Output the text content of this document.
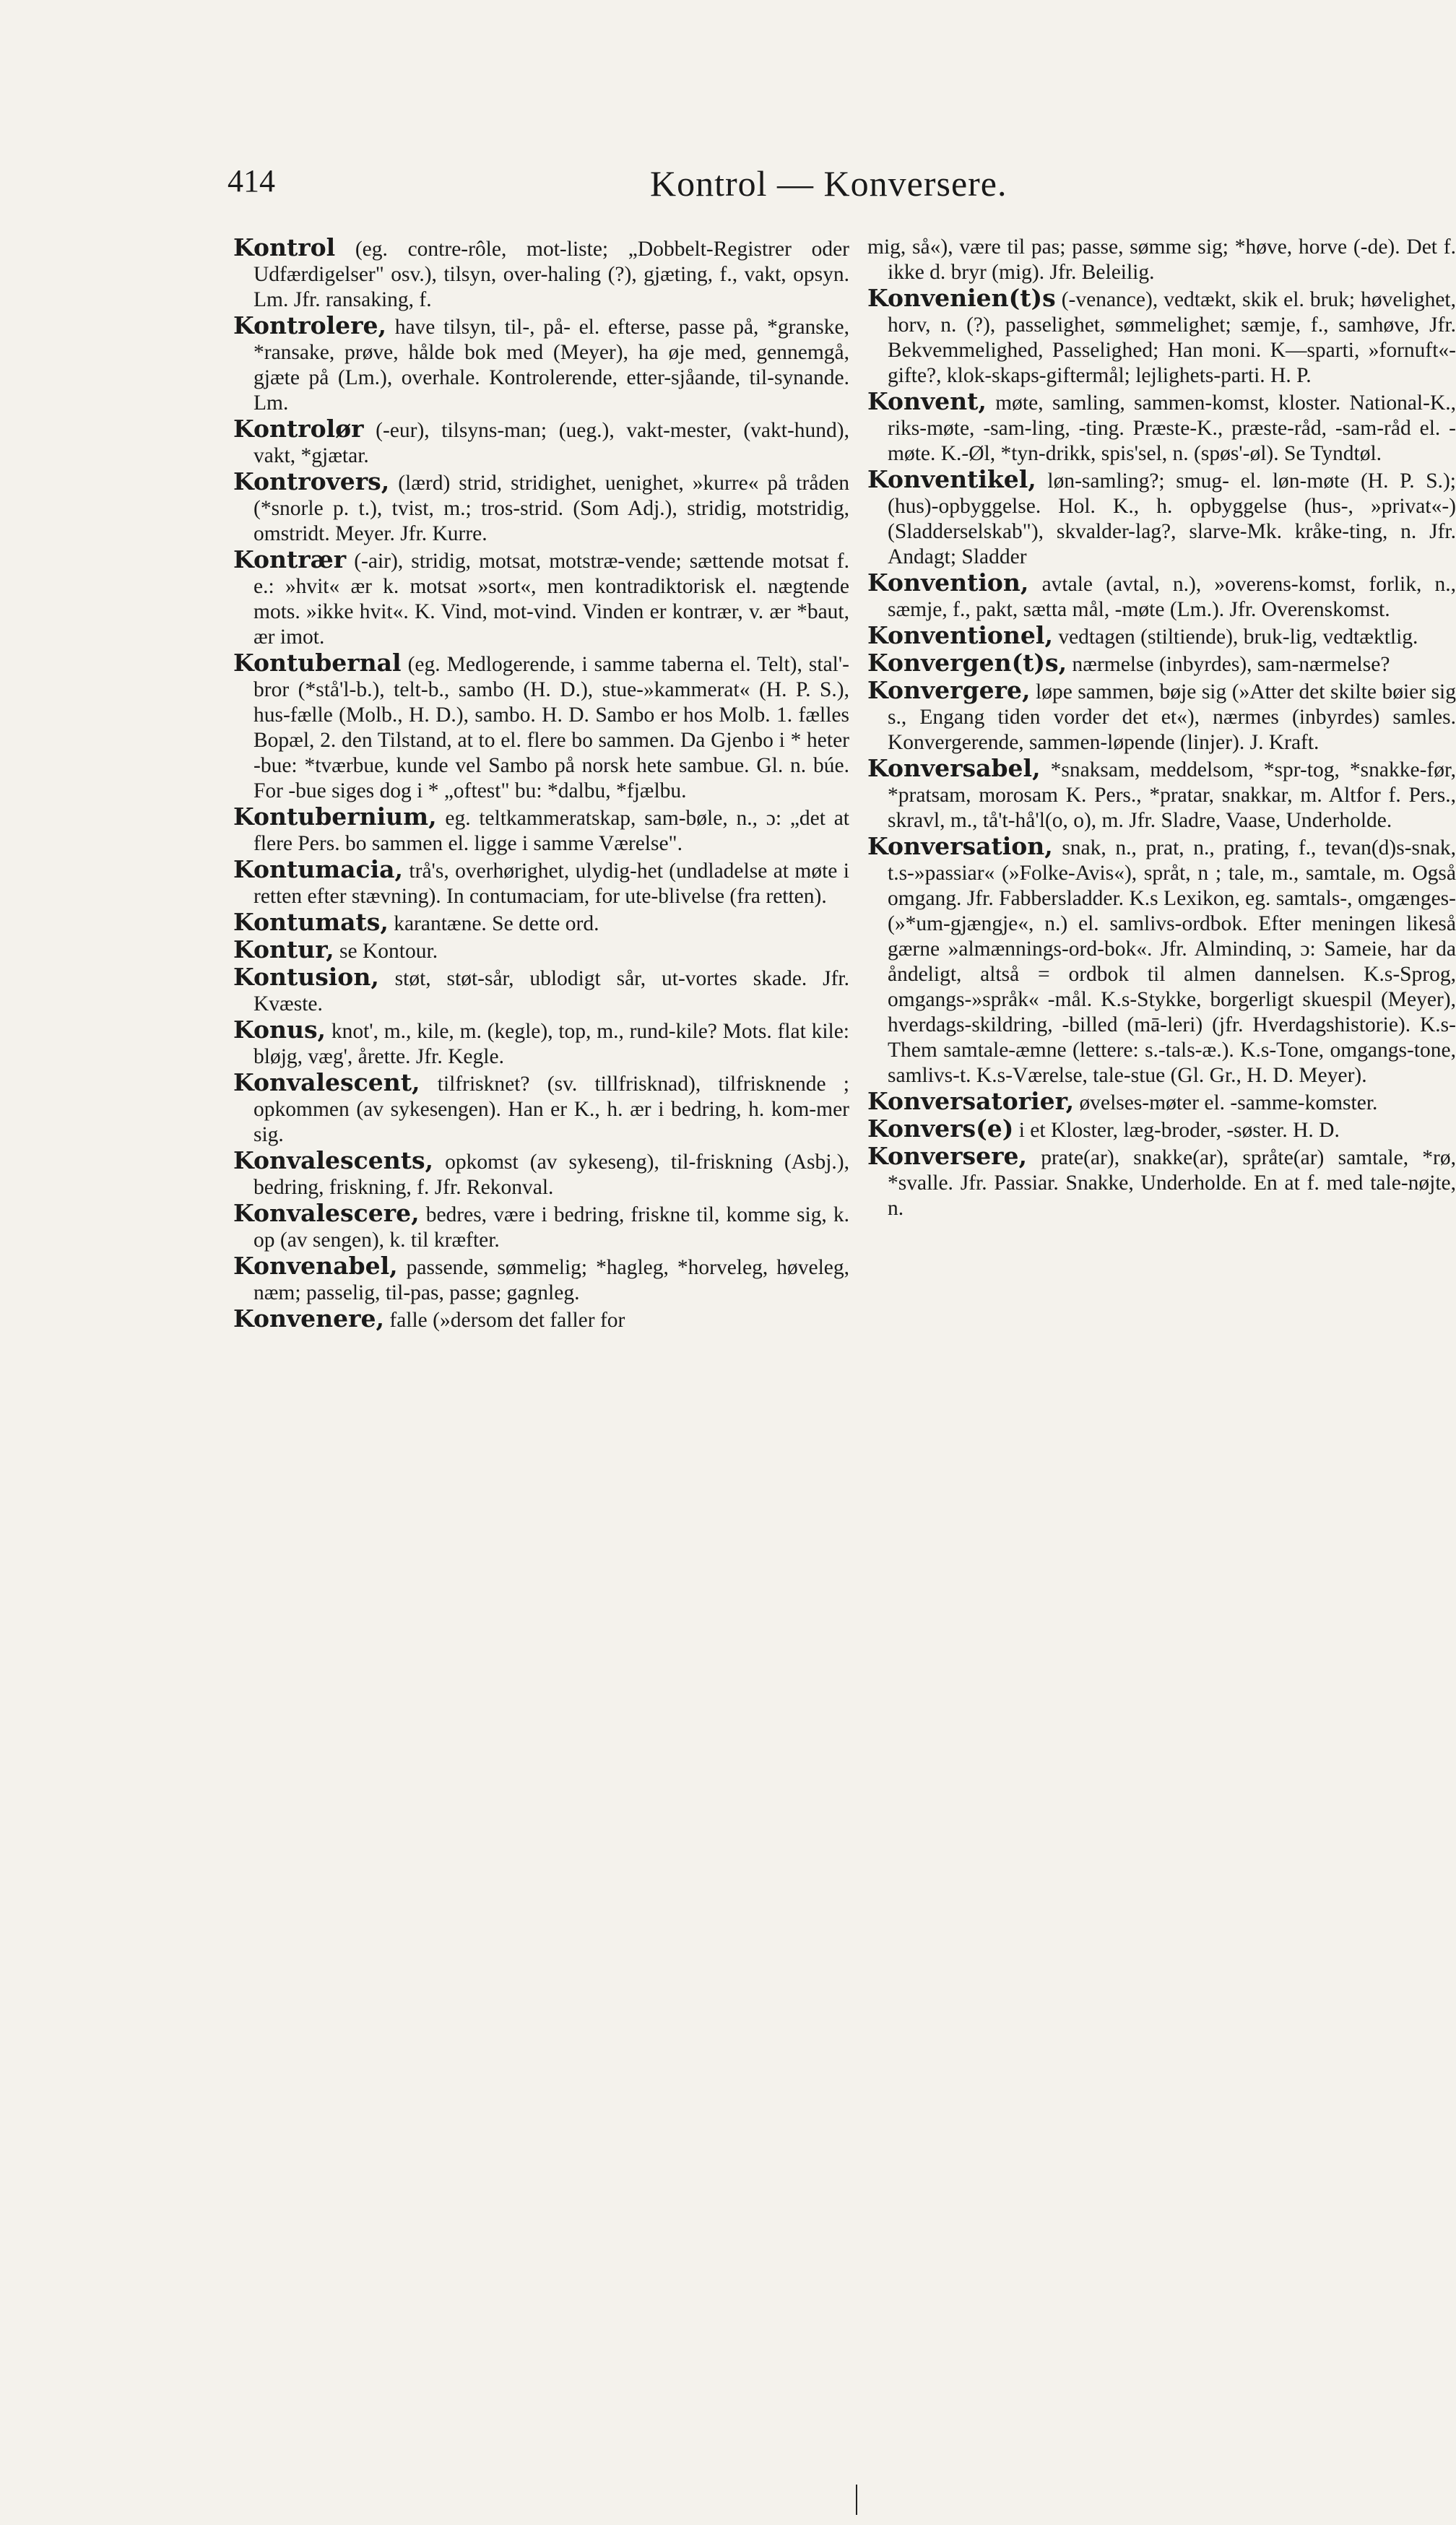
414	Kontrol — Konversere.
Kontrol (eg. contre-rôle, mot-liste; „Dobbelt-Registrer oder Udfærdigelser" osv.), tilsyn, over-haling (?), gjæting, f., vakt, opsyn. Lm. Jfr. ransaking, f.
Kontrolere, have tilsyn, til-, på- el. efterse, passe på, *granske, *ransake, prøve, hålde bok med (Meyer), ha øje med, gennemgå, gjæte på (Lm.), overhale. Kontrolerende, etter-sjåande, til-synande. Lm.
Kontrolør (-eur), tilsyns-man; (ueg.), vakt-mester, (vakt-hund), vakt, *gjætar.
Kontrovers, (lærd) strid, stridighet, uenighet, »kurre« på tråden (*snorle p. t.), tvist, m.; tros-strid. (Som Adj.), stridig, motstridig, omstridt. Meyer. Jfr. Kurre.
Kontrær (-air), stridig, motsat, motstræ-vende; sættende motsat f. e.: »hvit« ær k. motsat »sort«, men kontradiktorisk el. nægtende mots. »ikke hvit«. K. Vind, mot-vind. Vinden er kontrær, v. ær *baut, ær imot.
Kontubernal (eg. Medlogerende, i samme taberna el. Telt), stal'-bror (*stå'l-b.), telt-b., sambo (H. D.), stue-»kammerat« (H. P. S.), hus-fælle (Molb., H. D.), sambo. H. D. Sambo er hos Molb. 1. fælles Bopæl, 2. den Tilstand, at to el. flere bo sammen. Da Gjenbo i * heter -bue: *tværbue, kunde vel Sambo på norsk hete sambue. Gl. n. búe. For -bue siges dog i * „oftest" bu: *dalbu, *fjælbu.
Kontubernium, eg. teltkammeratskap, sam-bøle, n., ɔ: „det at flere Pers. bo sammen el. ligge i samme Værelse".
Kontumacia, trå's, overhørighet, ulydig-het (undladelse at møte i retten efter stævning). In contumaciam, for ute-blivelse (fra retten).
Kontumats, karantæne. Se dette ord.
Kontur, se Kontour.
Kontusion, støt, støt-sår, ublodigt sår, ut-vortes skade. Jfr. Kvæste.
Konus, knot', m., kile, m. (kegle), top, m., rund-kile? Mots. flat kile: bløjg, væg', årette. Jfr. Kegle.
Konvalescent, tilfrisknet? (sv. tillfrisknad), tilfrisknende ; opkommen (av sykesengen). Han er K., h. ær i bedring, h. kom-mer sig.
Konvalescents, opkomst (av sykeseng), til-friskning (Asbj.), bedring, friskning, f. Jfr. Rekonval.
Konvalescere, bedres, være i bedring, friskne til, komme sig, k. op (av sengen), k. til kræfter.
Konvenabel, passende, sømmelig; *hagleg, *horveleg, høveleg, næm; passelig, til-pas, passe; gagnleg.
Konvenere, falle (»dersom det faller for
mig, så«), være til pas; passe, sømme sig; *høve, horve (-de). Det f. ikke d. bryr (mig). Jfr. Beleilig.
Konvenien(t)s (-venance), vedtækt, skik el. bruk; høvelighet, horv, n. (?), passelighet, sømmelighet; sæmje, f., samhøve, Jfr. Bekvemmelighed, Passelighed; Han moni. K—sparti, »fornuft«-gifte?, klok-skaps-giftermål; lejlighets-parti. H. P.
Konvent, møte, samling, sammen-komst, kloster. National-K., riks-møte, -sam-ling, -ting. Præste-K., præste-råd, -sam-råd el. -møte. K.-Øl, *tyn-drikk, spis'sel, n. (spøs'-øl). Se Tyndtøl.
Konventikel, løn-samling?; smug- el. løn-møte (H. P. S.); (hus)-opbyggelse. Hol. K., h. opbyggelse (hus-, »privat«-) (Sladderselskab"), skvalder-lag?, slarve-Mk. kråke-ting, n. Jfr. Andagt; Sladder
Konvention, avtale (avtal, n.), »overens-komst, forlik, n., sæmje, f., pakt, sætta mål, -møte (Lm.). Jfr. Overenskomst.
Konventionel, vedtagen (stiltiende), bruk-lig, vedtæktlig.
Konvergen(t)s, nærmelse (inbyrdes), sam-nærmelse?
Konvergere, løpe sammen, bøje sig (»Atter det skilte bøier sig s., Engang tiden vorder det et«), nærmes (inbyrdes) samles. Konvergerende, sammen-løpende (linjer). J. Kraft.
Konversabel, *snaksam, meddelsom, *spr-tog, *snakke-før, *pratsam, morosam K. Pers., *pratar, snakkar, m. Altfor f. Pers., skravl, m., tå't-hå'l(o, o), m. Jfr. Sladre, Vaase, Underholde.
Konversation, snak, n., prat, n., prating, f., tevan(d)s-snak, t.s-»passiar« (»Folke-Avis«), språt, n ; tale, m., samtale, m. Også omgang. Jfr. Fabbersladder. K.s Lexikon, eg. samtals-, omgænges- (»*um-gjængje«, n.) el. samlivs-ordbok. Efter meningen likeså gærne »almænnings-ord-bok«. Jfr. Almindinq, ɔ: Sameie, har da åndeligt, altså = ordbok til almen dannelsen. K.s-Sprog, omgangs-»språk« -mål. K.s-Stykke, borgerligt skuespil (Meyer), hverdags-skildring, -billed (mā-leri) (jfr. Hverdagshistorie). K.s-Them samtale-æmne (lettere: s.-tals-æ.). K.s-Tone, omgangs-tone, samlivs-t. K.s-Værelse, tale-stue (Gl. Gr., H. D. Meyer).
Konversatorier, øvelses-møter el. -samme-komster.
Konvers(e) i et Kloster, læg-broder, -søster. H. D.
Konversere, prate(ar), snakke(ar), språte(ar) samtale, *rø, *svalle. Jfr. Passiar. Snakke, Underholde. En at f. med tale-nøjte, n.
